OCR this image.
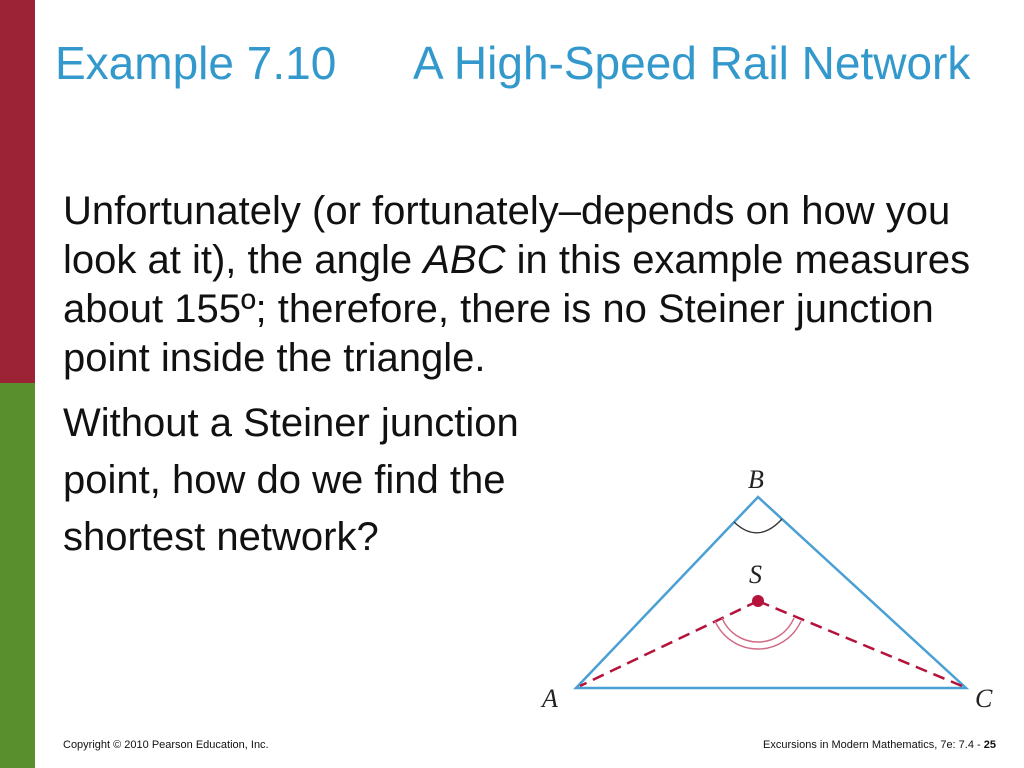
Example 7.10 A High-Speed Rail Network

Unfortunately (or fortunately–depends on how you look at it), the angle ABC in this example measures about 155º; therefore, there is no Steiner junction point inside the triangle.

Without a Steiner junction point, how do we find the shortest network?

B
S
A	C
Copyright © 2010 Pearson Education, Inc.	Excursions in Modern Mathematics, 7e: 7.4 - 25
